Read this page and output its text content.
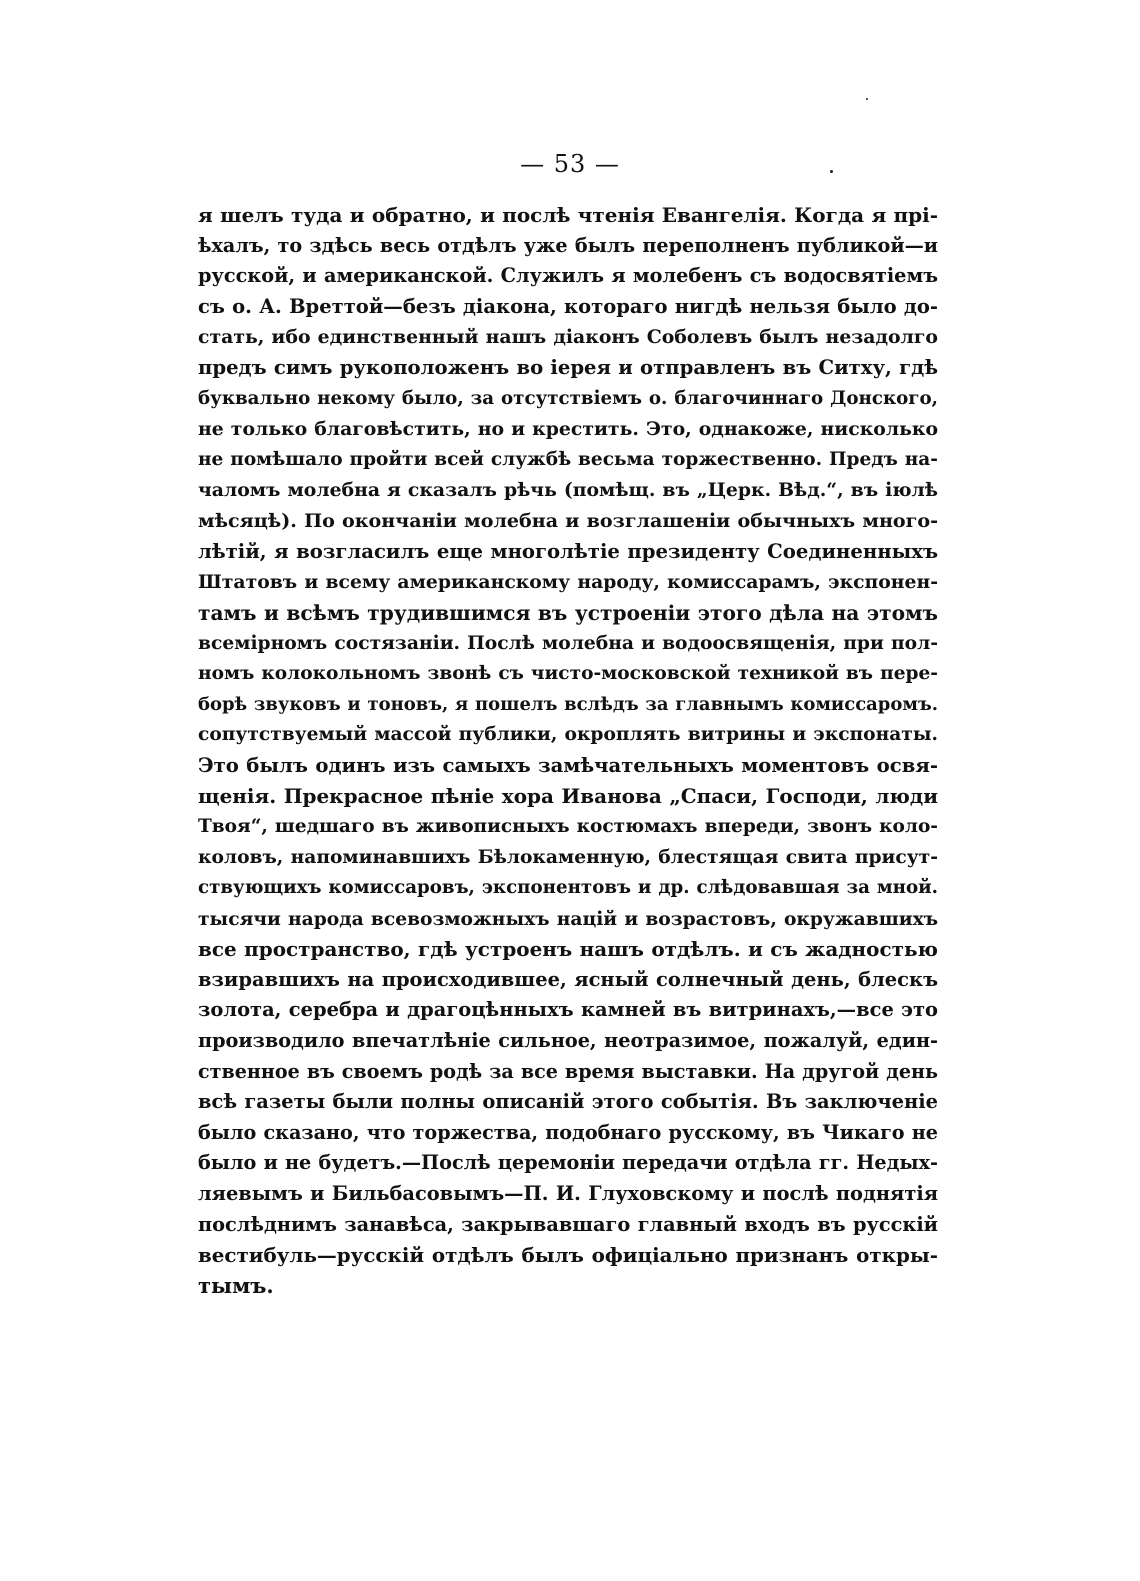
— 53 —
я шелъ туда и обратно, и послѣ чтенія Евангелія. Когда я прі-
ѣхалъ, то здѣсь весь отдѣлъ уже былъ переполненъ публикой—и
русской, и американской. Служилъ я молебенъ съ водосвятіемъ
съ о. А. Вреттой—безъ діакона, котораго нигдѣ нельзя было до-
стать, ибо единственный нашъ діаконъ Соболевъ былъ незадолго
предъ симъ рукоположенъ во іерея и отправленъ въ Ситху, гдѣ
буквально некому было, за отсутствіемъ о. благочиннаго Донского,
не только благовѣстить, но и крестить. Это, однакоже, нисколько
не помѣшало пройти всей службѣ весьма торжественно. Предъ на-
чаломъ молебна я сказалъ рѣчь (помѣщ. въ „Церк. Вѣд.“, въ іюлѣ
мѣсяцѣ). По окончаніи молебна и возглашеніи обычныхъ много-
лѣтій, я возгласилъ еще многолѣтіе президенту Соединенныхъ
Штатовъ и всему американскому народу, комиссарамъ, экспонен-
тамъ и всѣмъ трудившимся въ устроеніи этого дѣла на этомъ
всемірномъ состязаніи. Послѣ молебна и водоосвященія, при пол-
номъ колокольномъ звонѣ съ чисто-московской техникой въ пере-
борѣ звуковъ и тоновъ, я пошелъ вслѣдъ за главнымъ комиссаромъ.
сопутствуемый массой публики, окроплять витрины и экспонаты.
Это былъ одинъ изъ самыхъ замѣчательныхъ моментовъ освя-
щенія. Прекрасное пѣніе хора Иванова „Спаси, Господи, люди
Твоя“, шедшаго въ живописныхъ костюмахъ впереди, звонъ коло-
коловъ, напоминавшихъ Бѣлокаменную, блестящая свита присут-
ствующихъ комиссаровъ, экспонентовъ и др. слѣдовавшая за мной.
тысячи народа всевозможныхъ націй и возрастовъ, окружавшихъ
все пространство, гдѣ устроенъ нашъ отдѣлъ. и съ жадностью
взиравшихъ на происходившее, ясный солнечный день, блескъ
золота, серебра и драгоцѣнныхъ камней въ витринахъ,—все это
производило впечатлѣніе сильное, неотразимое, пожалуй, един-
ственное въ своемъ родѣ за все время выставки. На другой день
всѣ газеты были полны описаній этого событія. Въ заключеніе
было сказано, что торжества, подобнаго русскому, въ Чикаго не
было и не будетъ.—Послѣ церемоніи передачи отдѣла гг. Недых-
ляевымъ и Бильбасовымъ—П. И. Глуховскому и послѣ поднятія
послѣднимъ занавѣса, закрывавшаго главный входъ въ русскій
вестибуль—русскій отдѣлъ былъ офиціально признанъ откры-
тымъ.
